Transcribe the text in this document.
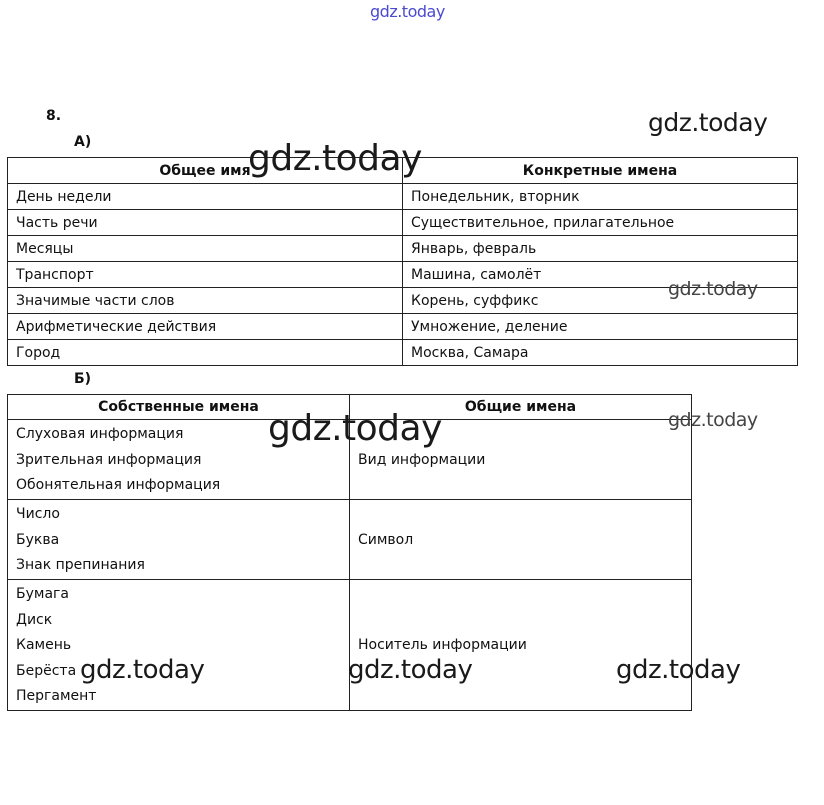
gdz.today
8.
А)
Общее имя	Конкретные имена
День недели	Понедельник, вторник
Часть речи	Существительное, прилагательное
Месяцы	Январь, февраль
Транспорт	Машина, самолёт
Значимые части слов	Корень, суффикс
Арифметические действия	Умножение, деление
Город	Москва, Самара
Б)
Собственные имена	Общие имена

Слуховая информация
Зрительная информация
Обонятельная информация	Вид информации

Число
Буква
Знак препинания	Символ

Бумага
Диск
Камень
Берёста
Пергамент	Носитель информации
gdz.today
gdz.today
gdz.today
gdz.today
gdz.today
gdz.today	gdz.today	gdz.today
